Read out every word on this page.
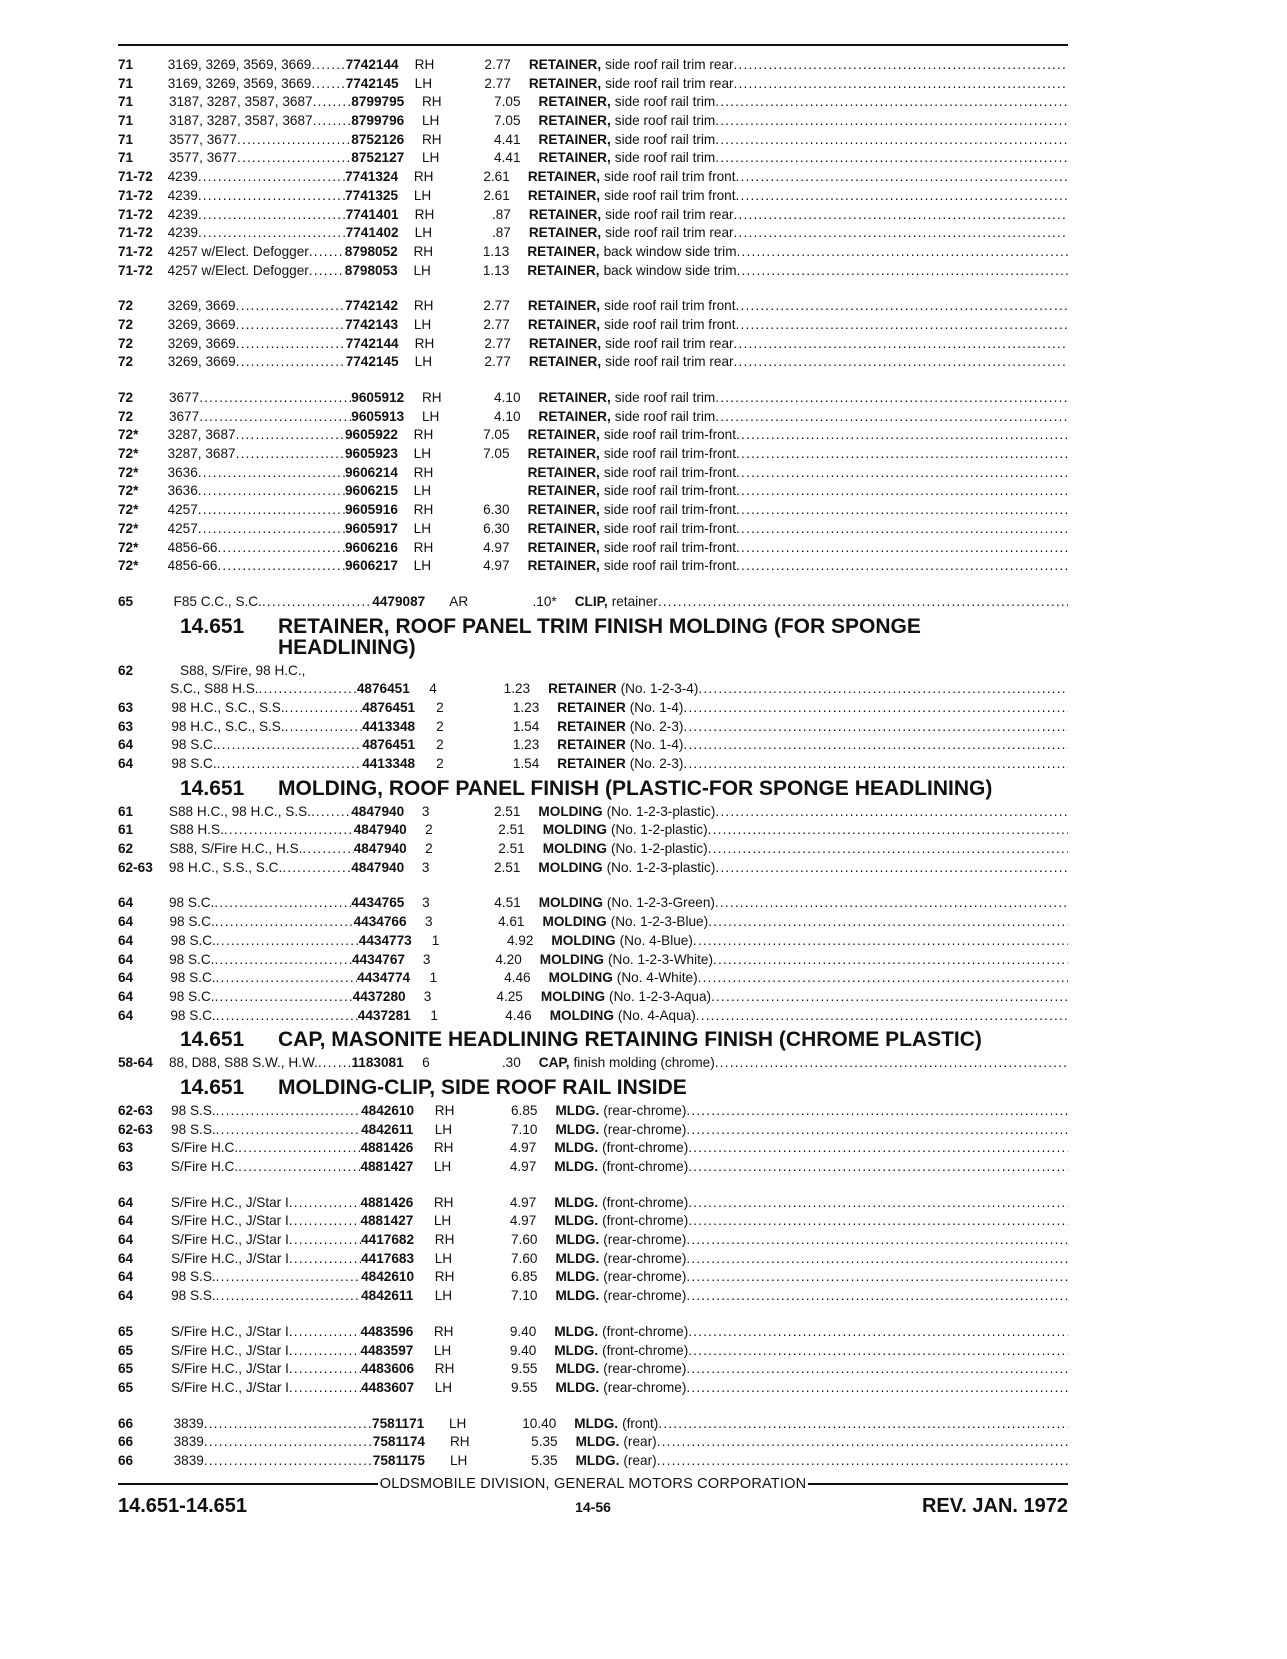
71	3169, 3269, 3569, 3669 .....	7742144	RH	2.77	RETAINER, side roof rail trim rear
.....
71	3169, 3269, 3569, 3669 .....	7742145	LH	2.77	RETAINER, side roof rail trim rear
.....
71	3187, 3287, 3587, 3687 .....	8799795	RH	7.05	RETAINER, side roof rail trim
.....
71	3187, 3287, 3587, 3687 .....	8799796	LH	7.05	RETAINER, side roof rail trim
.....
71	3577, 3677 .....	8752126	RH	4.41	RETAINER, side roof rail trim
.....
71	3577, 3677 .....	8752127	LH	4.41	RETAINER, side roof rail trim
.....
71-72	4239 .....	7741324	RH	2.61	RETAINER, side roof rail trim front
.....
71-72	4239 .....	7741325	LH	2.61	RETAINER, side roof rail trim front
.....
71-72	4239 .....	7741401	RH	.87	RETAINER, side roof rail trim rear
.....
71-72	4239 .....	7741402	LH	.87	RETAINER, side roof rail trim rear
.....
71-72	4257 w/Elect. Defogger .....	8798052	RH	1.13	RETAINER, back window side trim
.....
71-72	4257 w/Elect. Defogger .....	8798053	LH	1.13	RETAINER, back window side trim
.....
72	3269, 3669 .....	7742142	RH	2.77	RETAINER, side roof rail trim front
.....
72	3269, 3669 .....	7742143	LH	2.77	RETAINER, side roof rail trim front
.....
72	3269, 3669 .....	7742144	RH	2.77	RETAINER, side roof rail trim rear
.....
72	3269, 3669 .....	7742145	LH	2.77	RETAINER, side roof rail trim rear
.....
72	3677 .....	9605912	RH	4.10	RETAINER, side roof rail trim
.....
72	3677 .....	9605913	LH	4.10	RETAINER, side roof rail trim
.....
72*	3287, 3687 .....	9605922	RH	7.05	RETAINER, side roof rail trim-front
.....
72*	3287, 3687 .....	9605923	LH	7.05	RETAINER, side roof rail trim-front
.....
72*	3636 .....	9606214	RH	RETAINER, side roof rail trim-front
.....
72*	3636 .....	9606215	LH	RETAINER, side roof rail trim-front
.....
72*	4257 .....	9605916	RH	6.30	RETAINER, side roof rail trim-front
.....
72*	4257 .....	9605917	LH	6.30	RETAINER, side roof rail trim-front
.....
72*	4856-66 .....	9606216	RH	4.97	RETAINER, side roof rail trim-front
.....
72*	4856-66 .....	9606217	LH	4.97	RETAINER, side roof rail trim-front
.....
65	F85 C.C., S.C. .....	4479087	AR	.10*	CLIP, retainer
.....
14.651 RETAINER, ROOF PANEL TRIM FINISH MOLDING (FOR SPONGE
HEADLINING)
62	S88, S/Fire, 98 H.C.,
S.C., S88 H.S. .....	4876451	4	1.23	RETAINER (No. 1-2-3-4)
.....
63	98 H.C., S.C., S.S. .....	4876451	2	1.23	RETAINER (No. 1-4)
.....
63	98 H.C., S.C., S.S. .....	4413348	2	1.54	RETAINER (No. 2-3)
.....
64	98 S.C. .....	4876451	2	1.23	RETAINER (No. 1-4)
.....
64	98 S.C. .....	4413348	2	1.54	RETAINER (No. 2-3)
.....
14.651 MOLDING, ROOF PANEL FINISH (PLASTIC-FOR SPONGE HEADLINING)
61	S88 H.C., 98 H.C., S.S. .....	4847940	3	2.51	MOLDING (No. 1-2-3-plastic)
.....
61	S88 H.S. .....	4847940	2	2.51	MOLDING (No. 1-2-plastic)
.....
62	S88, S/Fire H.C., H.S. .....	4847940	2	2.51	MOLDING (No. 1-2-plastic)
.....
62-63	98 H.C., S.S., S.C. .....	4847940	3	2.51	MOLDING (No. 1-2-3-plastic)
.....
64	98 S.C. .....	4434765	3	4.51	MOLDING (No. 1-2-3-Green)
.....
64	98 S.C. .....	4434766	3	4.61	MOLDING (No. 1-2-3-Blue)
.....
64	98 S.C. .....	4434773	1	4.92	MOLDING (No. 4-Blue)
.....
64	98 S.C. .....	4434767	3	4.20	MOLDING (No. 1-2-3-White)
.....
64	98 S.C. .....	4434774	1	4.46	MOLDING (No. 4-White)
.....
64	98 S.C. .....	4437280	3	4.25	MOLDING (No. 1-2-3-Aqua)
.....
64	98 S.C. .....	4437281	1	4.46	MOLDING (No. 4-Aqua)
.....
14.651 CAP, MASONITE HEADLINING RETAINING FINISH (CHROME PLASTIC)
58-64	88, D88, S88 S.W., H.W. ..... 1183081	6	.30	CAP, finish molding (chrome)
.....
14.651 MOLDING-CLIP, SIDE ROOF RAIL INSIDE
62-63	98 S.S. .....	4842610	RH	6.85	MLDG. (rear-chrome)
.....
62-63	98 S.S. .....	4842611	LH	7.10	MLDG. (rear-chrome)
.....
63	S/Fire H.C. .....	4881426	RH	4.97	MLDG. (front-chrome)
.....
63	S/Fire H.C. .....	4881427	LH	4.97	MLDG. (front-chrome)
.....
64	S/Fire H.C., J/Star I .....	4881426	RH	4.97	MLDG. (front-chrome)
.....
64	S/Fire H.C., J/Star I .....	4881427	LH	4.97	MLDG. (front-chrome)
.....
64	S/Fire H.C., J/Star I .....	4417682	RH	7.60	MLDG. (rear-chrome)
.....
64	S/Fire H.C., J/Star I .....	4417683	LH	7.60	MLDG. (rear-chrome)
.....
64	98 S.S. .....	4842610	RH	6.85	MLDG. (rear-chrome)
.....
64	98 S.S. .....	4842611	LH	7.10	MLDG. (rear-chrome)
.....
65	S/Fire H.C., J/Star I .....	4483596	RH	9.40	MLDG. (front-chrome)
.....
65	S/Fire H.C., J/Star I .....	4483597	LH	9.40	MLDG. (front-chrome)
.....
65	S/Fire H.C., J/Star I .....	4483606	RH	9.55	MLDG. (rear-chrome)
.....
65	S/Fire H.C., J/Star I .....	4483607	LH	9.55	MLDG. (rear-chrome)
.....
66	3839 .....	7581171	LH	10.40	MLDG. (front)
.....
66	3839 .....	7581174	RH	5.35	MLDG. (rear)
.....
66	3839 .....	7581175	LH	5.35	MLDG. (rear)
.....
OLDSMOBILE DIVISION, GENERAL MOTORS CORPORATION
14.651-14.651	14-56	REV. JAN. 1972
